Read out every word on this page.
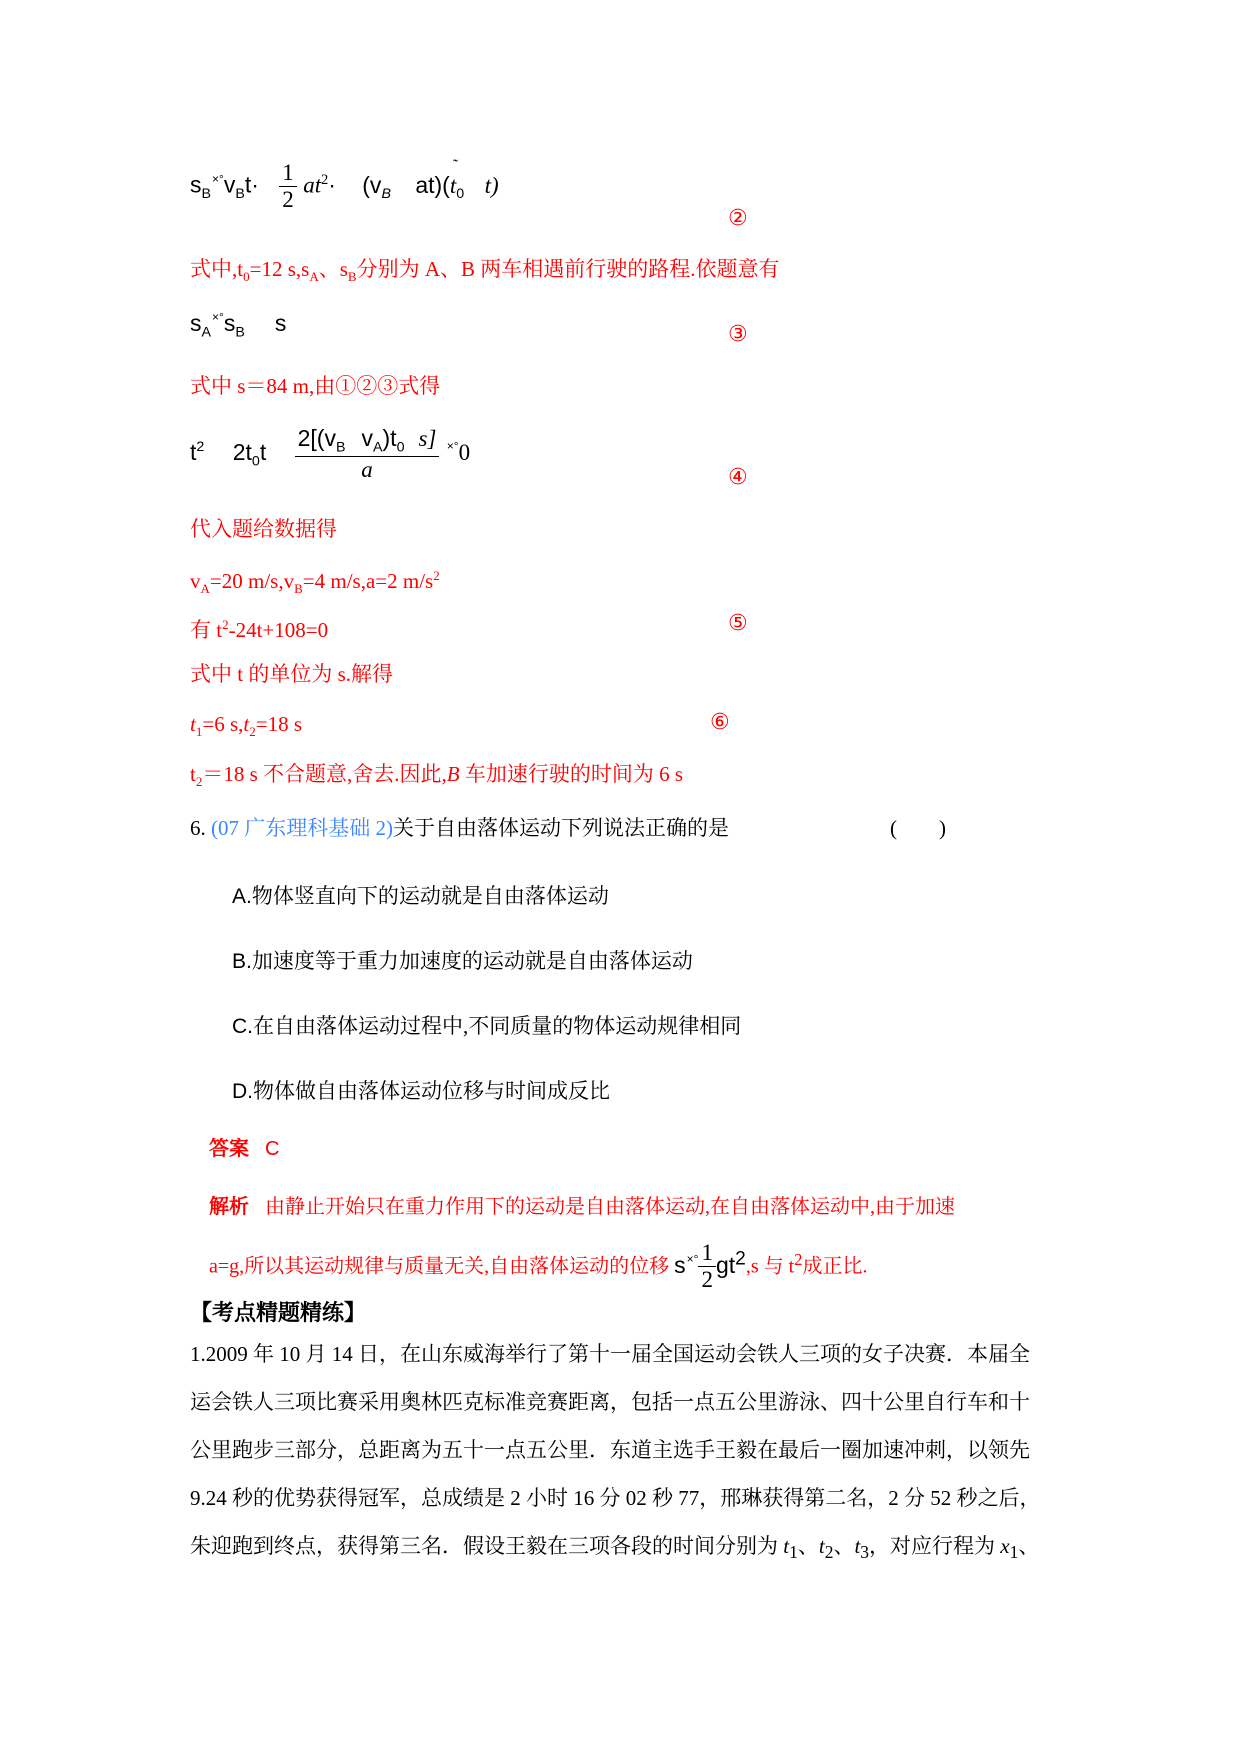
$s_B^{\times^\circ}v_Bt\cdot \frac{1}{2} at^2\cdot (v_B$ at)(
˜
$t_0$ t)
②
式中$,t_0=12$ $s,s_A$、$s_B$分别为 A、B 两车相遇前行驶的路程.依题意有
$s_A^{\times^\circ}s_B$ s	③
式中 s＝84 m,由①②③式得
$t^2$ $2t_0t \frac{2[(v_B v_A)t_0 s]}{a} ^{\times^\circ}0$
④
代入题给数据得
$v_A=20$ $m/s,v_B=4$ m/s,a=2 $m/s^2$
有 $t^2-24t+108=0$	⑤
式中 t 的单位为 s.解得
$t_1=6$ $s,t_2=18$ s	⑥
$t_2=18$ s 不合题意,舍去.因此,B 车加速行驶的时间为 6 s
6. (07 广东理科基础 2)关于自由落体运动下列说法正确的是	(　　)
A.物体竖直向下的运动就是自由落体运动
B.加速度等于重力加速度的运动就是自由落体运动
C.在自由落体运动过程中,不同质量的物体运动规律相同
D.物体做自由落体运动位移与时间成反比
答案 C
解析 由静止开始只在重力作用下的运动是自由落体运动,在自由落体运动中,由于加速
a=g,所以其运动规律与质量无关,自由落体运动的位移 $s^{\times^\circ} \frac{1}{2} gt^2,s$ 与 $t^2$成正比.
【考点精题精练】
1.2009 年 10 月 14 日，在山东威海举行了第十一届全国运动会铁人三项的女子决赛．本届全
运会铁人三项比赛采用奥林匹克标准竞赛距离，包括一点五公里游泳、四十公里自行车和十
公里跑步三部分，总距离为五十一点五公里．东道主选手王毅在最后一圈加速冲刺，以领先
9.24 秒的优势获得冠军，总成绩是 2 小时 16 分 02 秒 77，邢琳获得第二名，2 分 52 秒之后，
朱迎跑到终点，获得第三名．假设王毅在三项各段的时间分别为 $t_1$、$t_2$、$t_3$，对应行程为 $x_1$、
